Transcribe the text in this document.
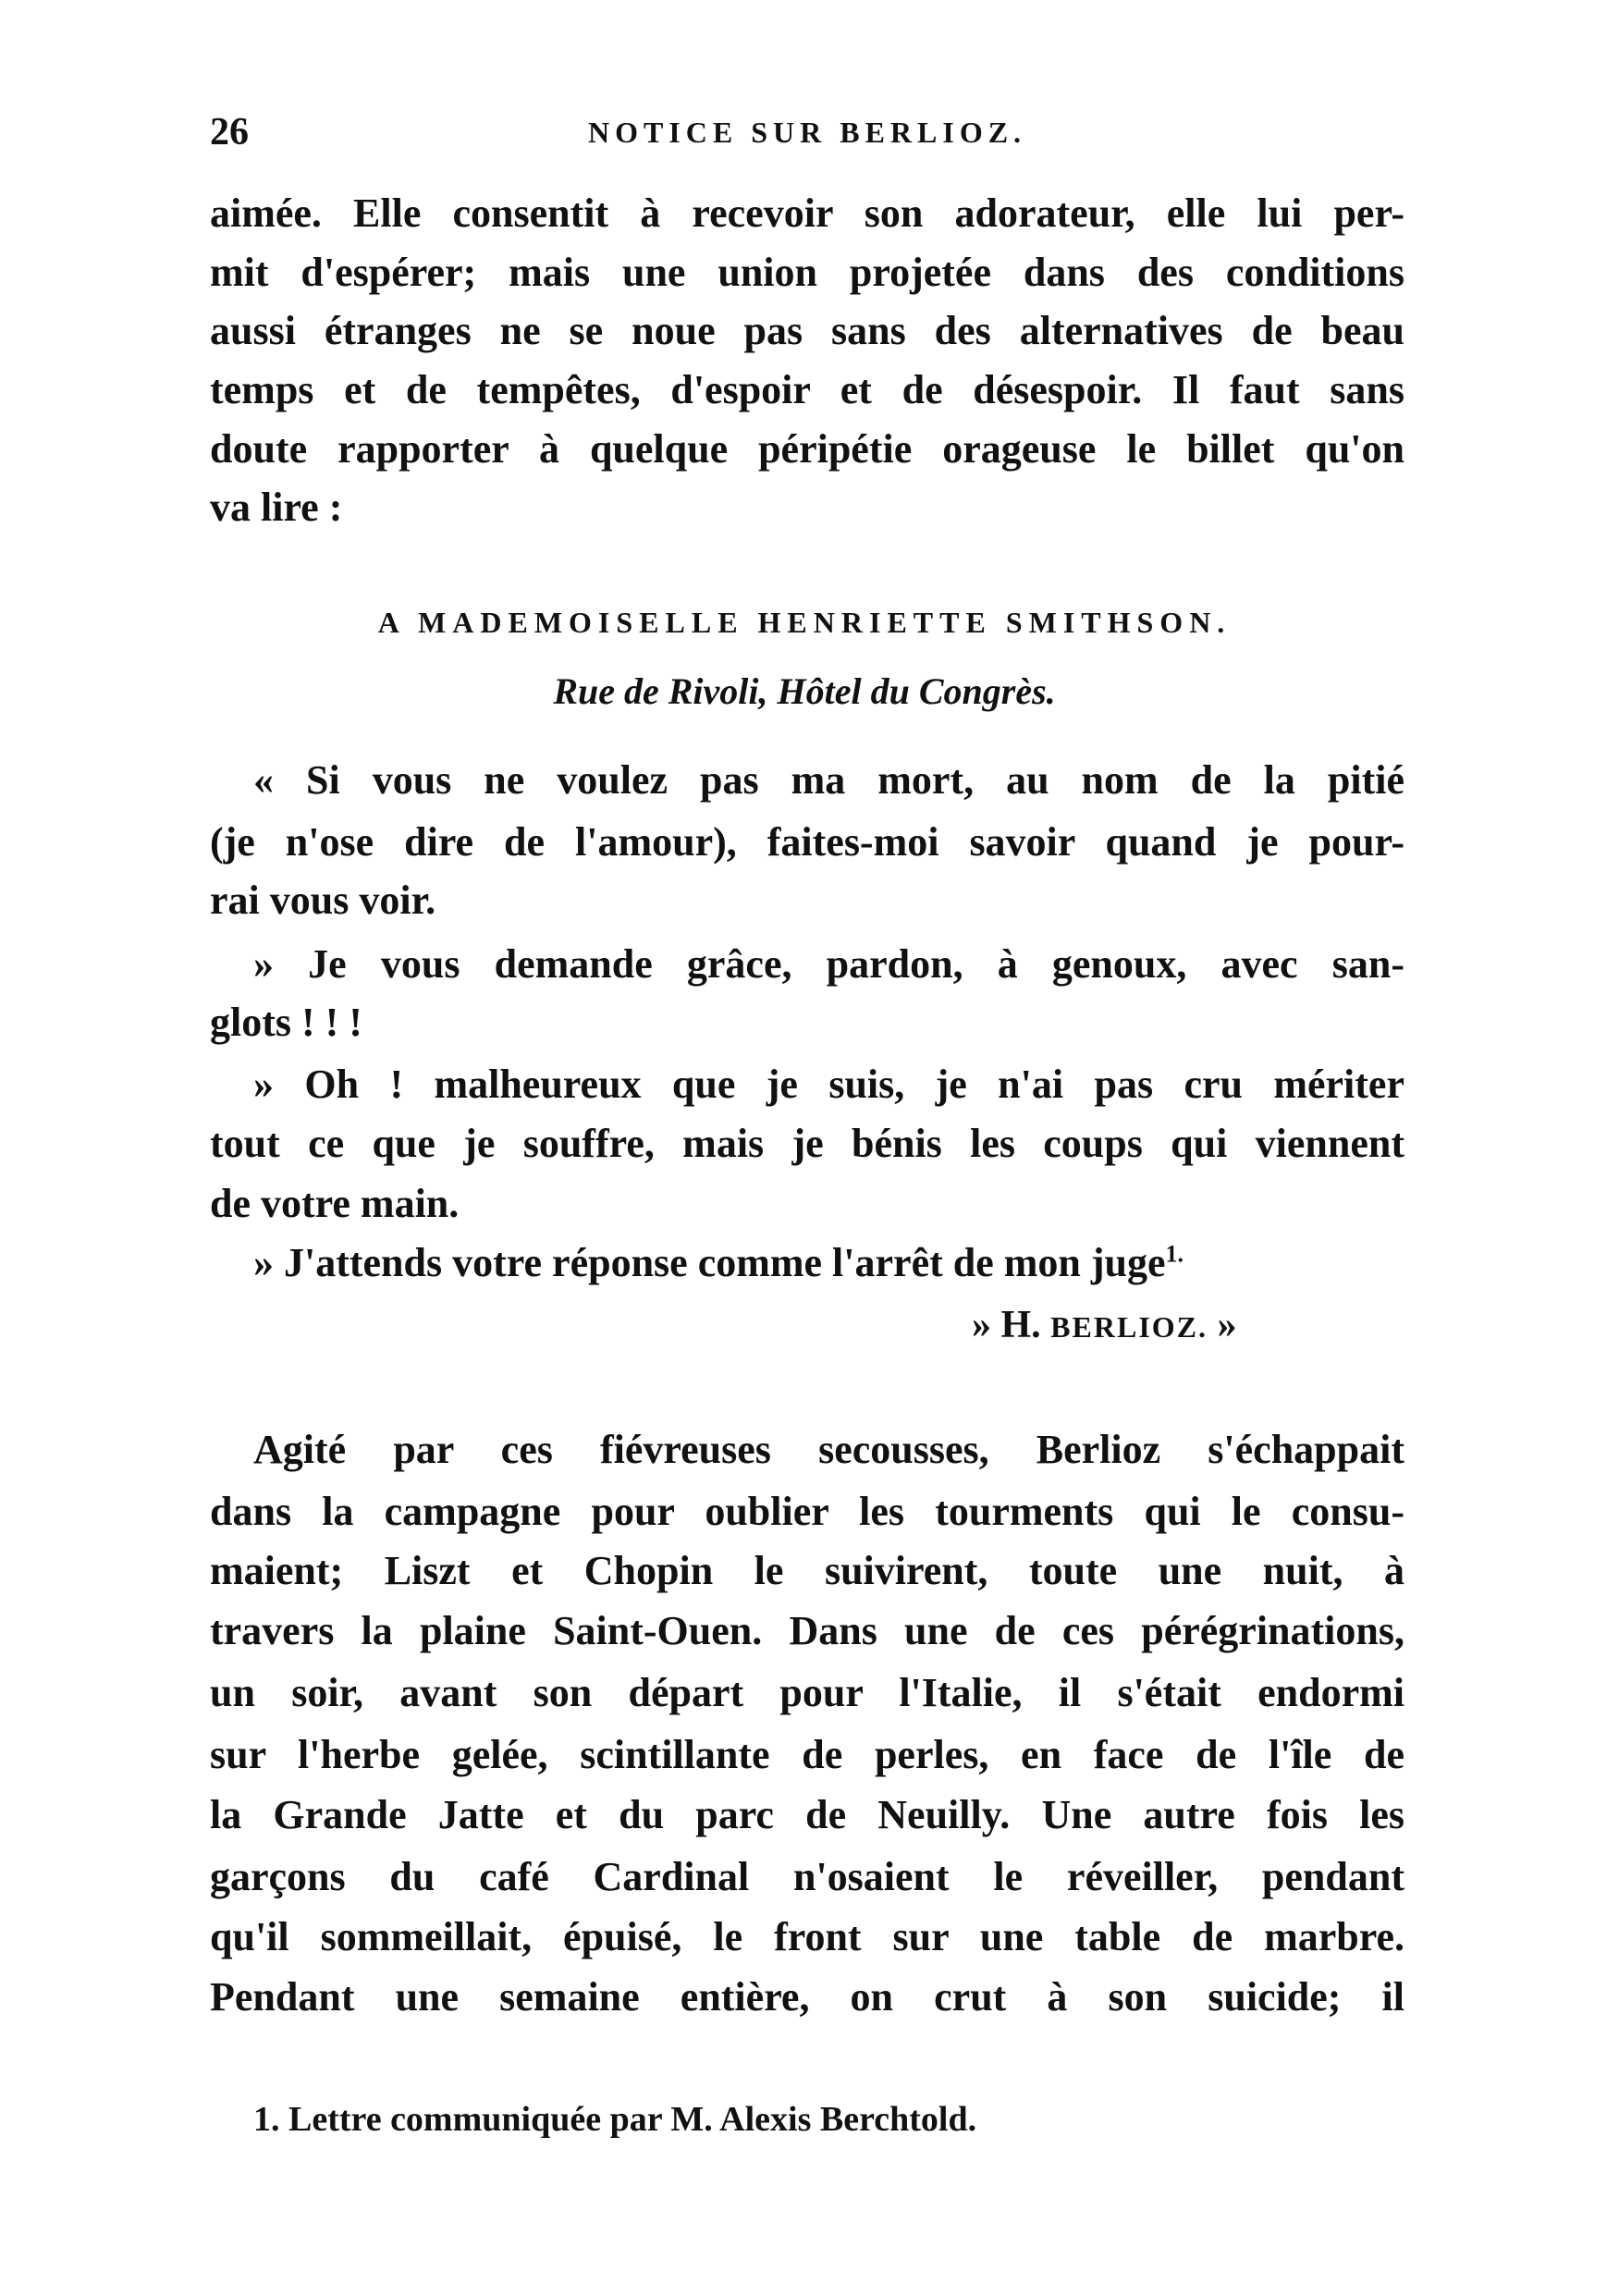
26	NOTICE SUR BERLIOZ.
aimée. Elle consentit à recevoir son adorateur, elle lui per-
mit d'espérer; mais une union projetée dans des conditions
aussi étranges ne se noue pas sans des alternatives de beau
temps et de tempêtes, d'espoir et de désespoir. Il faut sans
doute rapporter à quelque péripétie orageuse le billet qu'on
va lire :
A MADEMOISELLE HENRIETTE SMITHSON.
Rue de Rivoli, Hôtel du Congrès.
« Si vous ne voulez pas ma mort, au nom de la pitié
(je n'ose dire de l'amour), faites-moi savoir quand je pour-
rai vous voir.
» Je vous demande grâce, pardon, à genoux, avec san-
glots ! ! !
» Oh ! malheureux que je suis, je n'ai pas cru mériter
tout ce que je souffre, mais je bénis les coups qui viennent
de votre main.
» J'attends votre réponse comme l'arrêt de mon juge$^{1.}$
» H. BERLIOZ. »
Agité par ces fiévreuses secousses, Berlioz s'échappait
dans la campagne pour oublier les tourments qui le consu-
maient; Liszt et Chopin le suivirent, toute une nuit, à
travers la plaine Saint-Ouen. Dans une de ces pérégrinations,
un soir, avant son départ pour l'Italie, il s'était endormi
sur l'herbe gelée, scintillante de perles, en face de l'île de
la Grande Jatte et du parc de Neuilly. Une autre fois les
garçons du café Cardinal n'osaient le réveiller, pendant
qu'il sommeillait, épuisé, le front sur une table de marbre.
Pendant une semaine entière, on crut à son suicide; il
1. Lettre communiquée par M. Alexis Berchtold.
